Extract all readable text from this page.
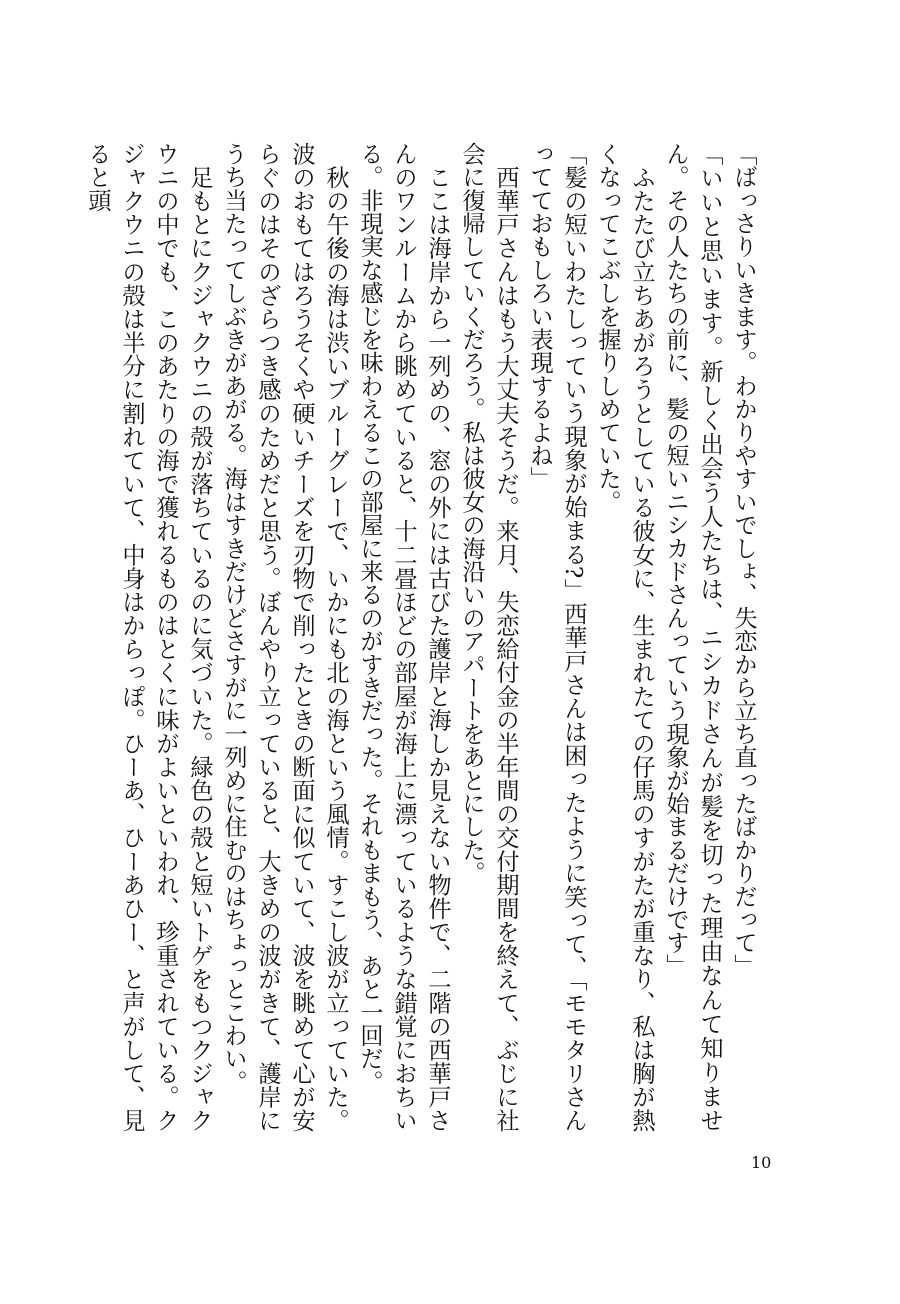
「ばっさりいきます。わかりやすいでしょ、失恋から立ち直ったばかりだって」

「いいと思います。新しく出会う人たちは、ニシカドさんが髪を切った理由なんて知りません。その人たちの前に、髪の短いニシカドさんっていう現象が始まるだけです」

　ふたたび立ちあがろうとしている彼女に、生まれたての仔馬のすがたが重なり、私は胸が熱くなってこぶしを握りしめていた。

「髪の短いわたしっていう現象が始まる?」西華戸さんは困ったように笑って、「モモタリさんってておもしろい表現するよね」

　西華戸さんはもう大丈夫そうだ。来月、失恋給付金の半年間の交付期間を終えて、ぶじに社会に復帰していくだろう。私は彼女の海沿いのアパートをあとにした。

　ここは海岸から一列めの、窓の外には古びた護岸と海しか見えない物件で、二階の西華戸さんのワンルームから眺めていると、十二畳ほどの部屋が海上に漂っているような錯覚におちいる。非現実な感じを味わえるこの部屋に来るのがすきだった。それもまもう、あと一回だ。

　秋の午後の海は渋いブルーグレーで、いかにも北の海という風情。すこし波が立っていた。波のおもてはろうそくや硬いチーズを刃物で削ったときの断面に似ていて、波を眺めて心が安らぐのはそのざらつき感のためだと思う。ぼんやり立っていると、大きめの波がきて、護岸にうち当たってしぶきがあがる。海はすきだけどさすがに一列めに住むのはちょっとこわい。

　足もとにクジャクウニの殻が落ちているのに気づいた。緑色の殻と短いトゲをもつクジャクウニの中でも、このあたりの海で獲れるものはとくに味がよいといわれ、珍重されている。クジャクウニの殻は半分に割れていて、中身はからっぽ。ひーあ、ひーあひー、と声がして、見ると頭

10
